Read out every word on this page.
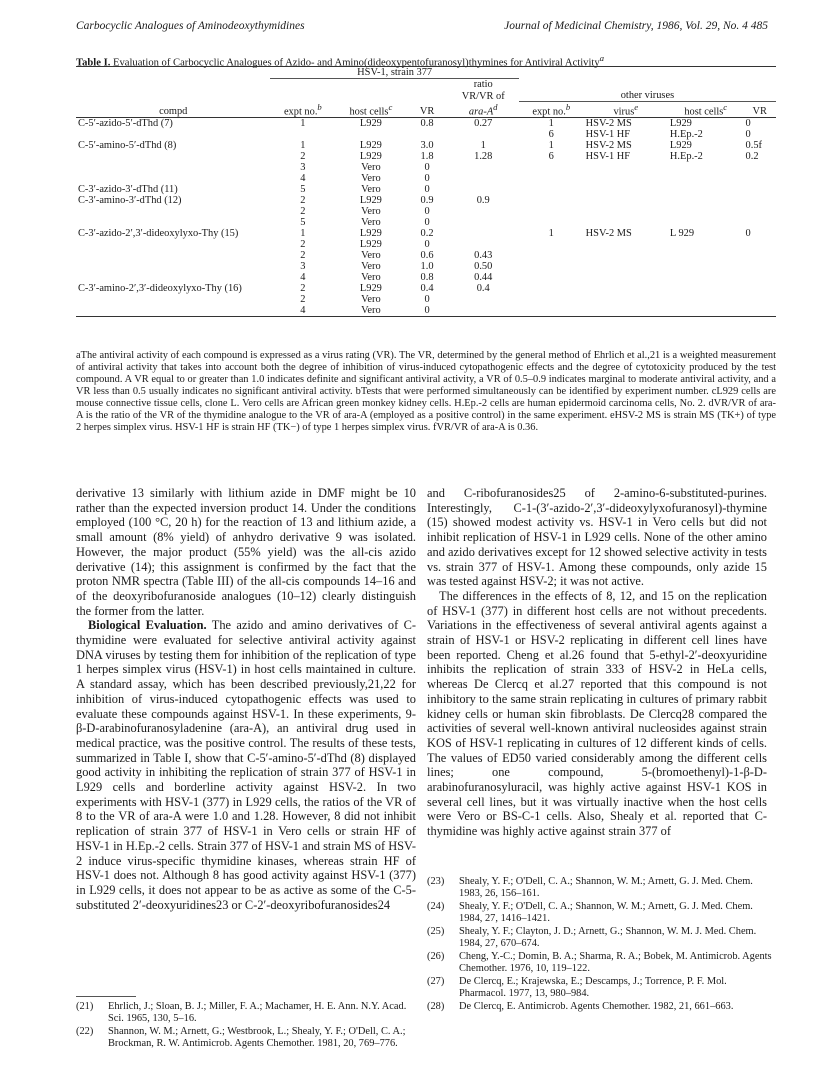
Carbocyclic Analogues of Aminodeoxythymidines	Journal of Medicinal Chemistry, 1986, Vol. 29, No. 4 485
Table I. Evaluation of Carbocyclic Analogues of Azido- and Amino(dideoxypentofuranosyl)thymines for Antiviral Activity$^a$
	HSV-1, strain 377							
				ratio				
				VR/VR of	other viruses			
compd	expt no.$^b$	host cells$^c$	VR	ara-$A^d$	expt no.$^b$	virus$^e$	host cells$^c$	VR
C-5′-azido-5′-dThd (7)	1	L929	0.8	0.27	1	HSV-2 MS	L929	0
					6	HSV-1 HF	H.Ep.-2	0
C-5′-amino-5′-dThd (8)	1	L929	3.0	1	1	HSV-2 MS	L929	0.5f
	2	L929	1.8	1.28	6	HSV-1 HF	H.Ep.-2	0.2
	3	Vero	0					
	4	Vero	0					
C-3′-azido-3′-dThd (11)	5	Vero	0					
C-3′-amino-3′-dThd (12)	2	L929	0.9	0.9				
	2	Vero	0					
	5	Vero	0					
C-3′-azido-2′,3′-dideoxylyxo-Thy (15)	1	L929	0.2		1	HSV-2 MS	L 929	0
	2	L929	0					
	2	Vero	0.6	0.43				
	3	Vero	1.0	0.50				
	4	Vero	0.8	0.44				
C-3′-amino-2′,3′-dideoxylyxo-Thy (16)	2	L929	0.4	0.4				
	2	Vero	0					
	4	Vero	0					
aThe antiviral activity of each compound is expressed as a virus rating (VR). The VR, determined by the general method of Ehrlich et al.,21 is a weighted measurement of antiviral activity that takes into account both the degree of inhibition of virus-induced cytopathogenic effects and the degree of cytotoxicity produced by the test compound. A VR equal to or greater than 1.0 indicates definite and significant antiviral activity, a VR of 0.5–0.9 indicates marginal to moderate antiviral activity, and a VR less than 0.5 usually indicates no significant antiviral activity. bTests that were performed simultaneously can be identified by experiment number. cL929 cells are mouse connective tissue cells, clone L. Vero cells are African green monkey kidney cells. H.Ep.-2 cells are human epidermoid carcinoma cells, No. 2. dVR/VR of ara-A is the ratio of the VR of the thymidine analogue to the VR of ara-A (employed as a positive control) in the same experiment. eHSV-2 MS is strain MS (TK+) of type 2 herpes simplex virus. HSV-1 HF is strain HF (TK−) of type 1 herpes simplex virus. fVR/VR of ara-A is 0.36.

derivative 13 similarly with lithium azide in DMF might be 10 rather than the expected inversion product 14. Under the conditions employed (100 °C, 20 h) for the reaction of 13 and lithium azide, a small amount (8% yield) of anhydro derivative 9 was isolated. However, the major product (55% yield) was the all-cis azido derivative (14); this assignment is confirmed by the fact that the proton NMR spectra (Table III) of the all-cis compounds 14–16 and of the deoxyribofuranoside analogues (10–12) clearly distinguish the former from the latter.

Biological Evaluation. The azido and amino derivatives of C-thymidine were evaluated for selective antiviral activity against DNA viruses by testing them for inhibition of the replication of type 1 herpes simplex virus (HSV-1) in host cells maintained in culture. A standard assay, which has been described previously,21,22 for inhibition of virus-induced cytopathogenic effects was used to evaluate these compounds against HSV-1. In these experiments, 9-β-D-arabinofuranosyladenine (ara-A), an antiviral drug used in medical practice, was the positive control. The results of these tests, summarized in Table I, show that C-5′-amino-5′-dThd (8) displayed good activity in inhibiting the replication of strain 377 of HSV-1 in L929 cells and borderline activity against HSV-2. In two experiments with HSV-1 (377) in L929 cells, the ratios of the VR of 8 to the VR of ara-A were 1.0 and 1.28. However, 8 did not inhibit replication of strain 377 of HSV-1 in Vero cells or strain HF of HSV-1 in H.Ep.-2 cells. Strain 377 of HSV-1 and strain MS of HSV-2 induce virus-specific thymidine kinases, whereas strain HF of HSV-1 does not. Although 8 has good activity against HSV-1 (377) in L929 cells, it does not appear to be as active as some of the C-5-substituted 2′-deoxyuridines23 or C-2′-deoxyribofuranosides24

and C-ribofuranosides25 of 2-amino-6-substituted-purines. Interestingly, C-1-(3′-azido-2′,3′-dideoxylyxofuranosyl)-thymine (15) showed modest activity vs. HSV-1 in Vero cells but did not inhibit replication of HSV-1 in L929 cells. None of the other amino and azido derivatives except for 12 showed selective activity in tests vs. strain 377 of HSV-1. Among these compounds, only azide 15 was tested against HSV-2; it was not active.

The differences in the effects of 8, 12, and 15 on the replication of HSV-1 (377) in different host cells are not without precedents. Variations in the effectiveness of several antiviral agents against a strain of HSV-1 or HSV-2 replicating in different cell lines have been reported. Cheng et al.26 found that 5-ethyl-2′-deoxyuridine inhibits the replication of strain 333 of HSV-2 in HeLa cells, whereas De Clercq et al.27 reported that this compound is not inhibitory to the same strain replicating in cultures of primary rabbit kidney cells or human skin fibroblasts. De Clercq28 compared the activities of several well-known antiviral nucleosides against strain KOS of HSV-1 replicating in cultures of 12 different kinds of cells. The values of ED50 varied considerably among the different cells lines; one compound, 5-(bromoethenyl)-1-β-D-arabinofuranosyluracil, was highly active against HSV-1 KOS in several cell lines, but it was virtually inactive when the host cells were Vero or BS-C-1 cells. Also, Shealy et al. reported that C-thymidine was highly active against strain 377 of

(21) Ehrlich, J.; Sloan, B. J.; Miller, F. A.; Machamer, H. E. Ann. N.Y. Acad. Sci. 1965, 130, 5–16.
(22) Shannon, W. M.; Arnett, G.; Westbrook, L.; Shealy, Y. F.; O'Dell, C. A.; Brockman, R. W. Antimicrob. Agents Chemother. 1981, 20, 769–776.
(23) Shealy, Y. F.; O'Dell, C. A.; Shannon, W. M.; Arnett, G. J. Med. Chem. 1983, 26, 156–161.
(24) Shealy, Y. F.; O'Dell, C. A.; Shannon, W. M.; Arnett, G. J. Med. Chem. 1984, 27, 1416–1421.
(25) Shealy, Y. F.; Clayton, J. D.; Arnett, G.; Shannon, W. M. J. Med. Chem. 1984, 27, 670–674.
(26) Cheng, Y.-C.; Domin, B. A.; Sharma, R. A.; Bobek, M. Antimicrob. Agents Chemother. 1976, 10, 119–122.
(27) De Clercq, E.; Krajewska, E.; Descamps, J.; Torrence, P. F. Mol. Pharmacol. 1977, 13, 980–984.
(28) De Clercq, E. Antimicrob. Agents Chemother. 1982, 21, 661–663.
